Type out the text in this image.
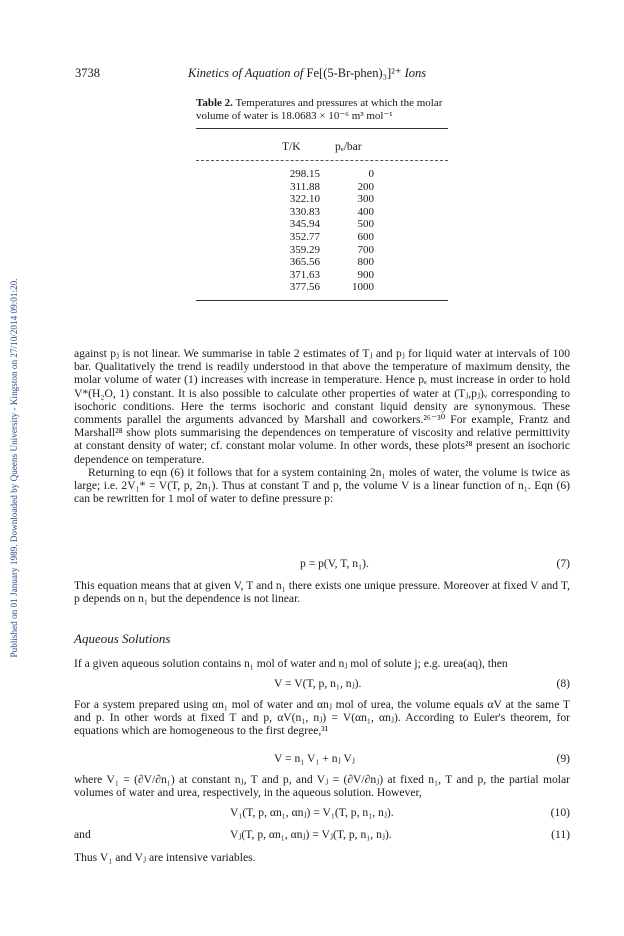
Published on 01 January 1989. Downloaded by Queens University - Kingston on 27/10/2014 09:01:20.
3738	Kinetics of Aquation of Fe[(5-Br-phen)₃]²⁺ Ions
Table 2. Temperatures and pressures at which the molar volume of water is 18.0683 × 10⁻⁶ m³ mol⁻¹
T/K	pₑ/bar
298.15	0
311.88	200
322.10	300
330.83	400
345.94	500
352.77	600
359.29	700
365.56	800
371.63	900
377.56	1000

against pⱼ is not linear. We summarise in table 2 estimates of Tⱼ and pⱼ for liquid water at intervals of 100 bar. Qualitatively the trend is readily understood in that above the temperature of maximum density, the molar volume of water (1) increases with increase in temperature. Hence pₑ must increase in order to hold V*(H₂O, 1) constant. It is also possible to calculate other properties of water at (Tⱼ,pⱼ)ᵥ corresponding to isochoric conditions. Here the terms isochoric and constant liquid density are synonymous. These comments parallel the arguments advanced by Marshall and coworkers.²⁶⁻³⁰ For example, Frantz and Marshall²⁸ show plots summarising the dependences on temperature of viscosity and relative permittivity at constant density of water; cf. constant molar volume. In other words, these plots²⁸ present an isochoric dependence on temperature.

Returning to eqn (6) it follows that for a system containing 2n₁ moles of water, the volume is twice as large; i.e. 2V₁* = V(T, p, 2n₁). Thus at constant T and p, the volume V is a linear function of n₁. Eqn (6) can be rewritten for 1 mol of water to define pressure p:

p = p(V, T, n₁).	(7)

This equation means that at given V, T and n₁ there exists one unique pressure. Moreover at fixed V and T, p depends on n₁ but the dependence is not linear.

Aqueous Solutions

If a given aqueous solution contains n₁ mol of water and nⱼ mol of solute j; e.g. urea(aq), then

V = V(T, p, n₁, nⱼ).	(8)

For a system prepared using αn₁ mol of water and αnⱼ mol of urea, the volume equals αV at the same T and p. In other words at fixed T and p, αV(n₁, nⱼ) = V(αn₁, αnⱼ). According to Euler's theorem, for equations which are homogeneous to the first degree,³¹

V = n₁ V₁ + nⱼ Vⱼ	(9)

where V₁ = (∂V/∂n₁) at constant nⱼ, T and p, and Vⱼ = (∂V/∂nⱼ) at fixed n₁, T and p, the partial molar volumes of water and urea, respectively, in the aqueous solution. However,

V₁(T, p, αn₁, αnⱼ) = V₁(T, p, n₁, nⱼ).	(10)
and	Vⱼ(T, p, αn₁, αnⱼ) = Vⱼ(T, p, n₁, nⱼ).	(11)

Thus V₁ and Vⱼ are intensive variables.
